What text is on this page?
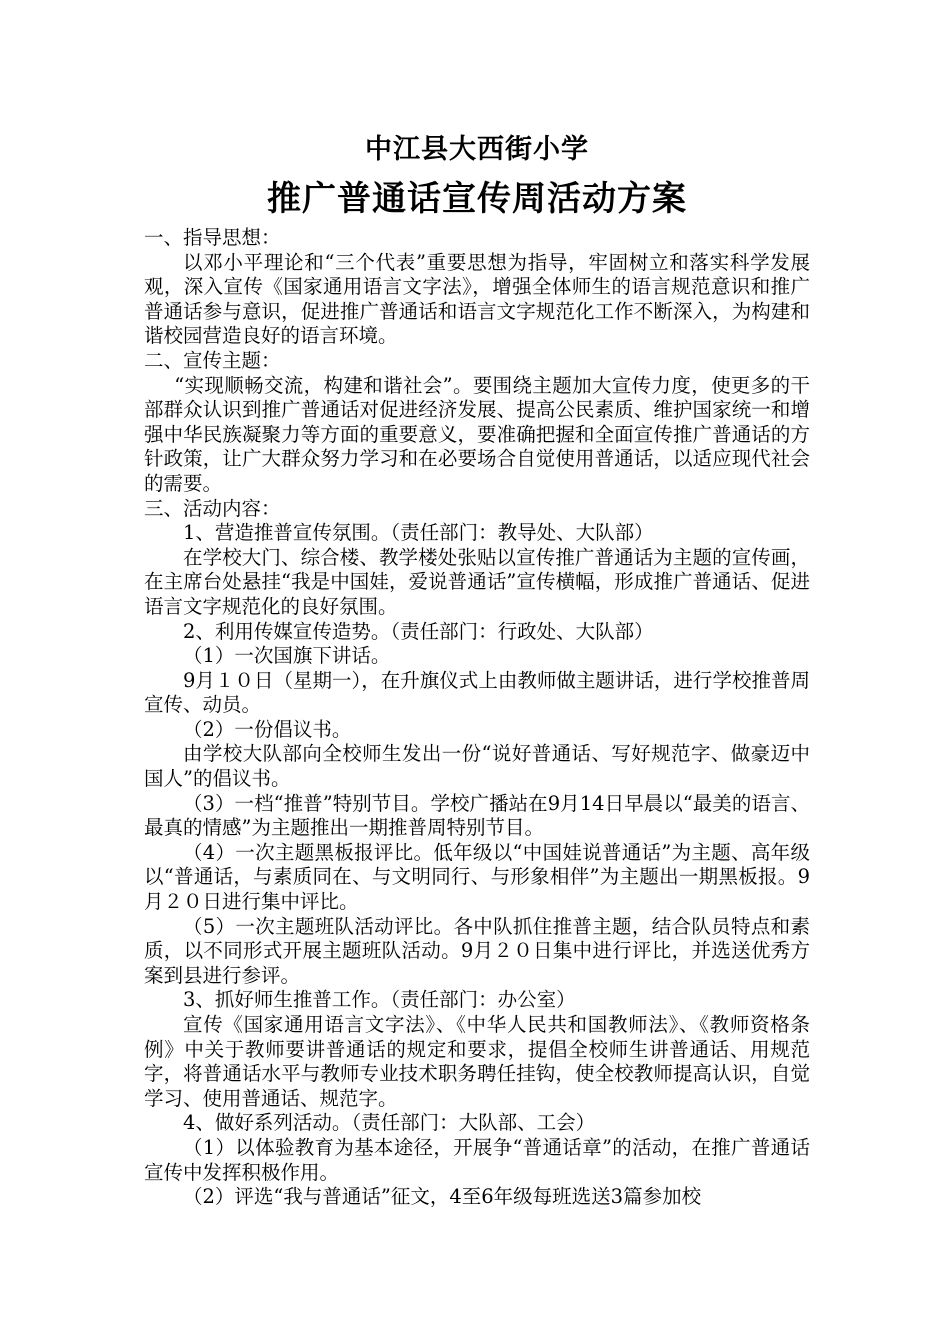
中江县大西街小学
推广普通话宣传周活动方案

一、指导思想：

以邓小平理论和“三个代表”重要思想为指导，牢固树立和落实科学发展观，深入宣传《国家通用语言文字法》，增强全体师生的语言规范意识和推广普通话参与意识，促进推广普通话和语言文字规范化工作不断深入，为构建和谐校园营造良好的语言环境。

二、宣传主题：

“实现顺畅交流，构建和谐社会”。要围绕主题加大宣传力度，使更多的干部群众认识到推广普通话对促进经济发展、提高公民素质、维护国家统一和增强中华民族凝聚力等方面的重要意义，要准确把握和全面宣传推广普通话的方针政策，让广大群众努力学习和在必要场合自觉使用普通话，以适应现代社会的需要。

三、活动内容：

1、营造推普宣传氛围。（责任部门：教导处、大队部）

在学校大门、综合楼、教学楼处张贴以宣传推广普通话为主题的宣传画，在主席台处悬挂“我是中国娃，爱说普通话”宣传横幅，形成推广普通话、促进语言文字规范化的良好氛围。

2、利用传媒宣传造势。（责任部门：行政处、大队部）

（1）一次国旗下讲话。

9月１０日（星期一），在升旗仪式上由教师做主题讲话，进行学校推普周宣传、动员。

（2）一份倡议书。

由学校大队部向全校师生发出一份“说好普通话、写好规范字、做豪迈中国人”的倡议书。

（3）一档“推普”特别节目。学校广播站在9月14日早晨以“最美的语言、最真的情感”为主题推出一期推普周特别节目。

（4）一次主题黑板报评比。低年级以“中国娃说普通话”为主题、高年级以“普通话，与素质同在、与文明同行、与形象相伴”为主题出一期黑板报。9月２０日进行集中评比。

（5）一次主题班队活动评比。各中队抓住推普主题，结合队员特点和素质，以不同形式开展主题班队活动。9月２０日集中进行评比，并选送优秀方案到县进行参评。

3、抓好师生推普工作。（责任部门：办公室）

宣传《国家通用语言文字法》、《中华人民共和国教师法》、《教师资格条例》中关于教师要讲普通话的规定和要求，提倡全校师生讲普通话、用规范字，将普通话水平与教师专业技术职务聘任挂钩，使全校教师提高认识，自觉学习、使用普通话、规范字。

4、做好系列活动。（责任部门：大队部、工会）

（1）以体验教育为基本途径，开展争“普通话章”的活动，在推广普通话宣传中发挥积极作用。

（2）评选“我与普通话”征文，4至6年级每班选送3篇参加校
